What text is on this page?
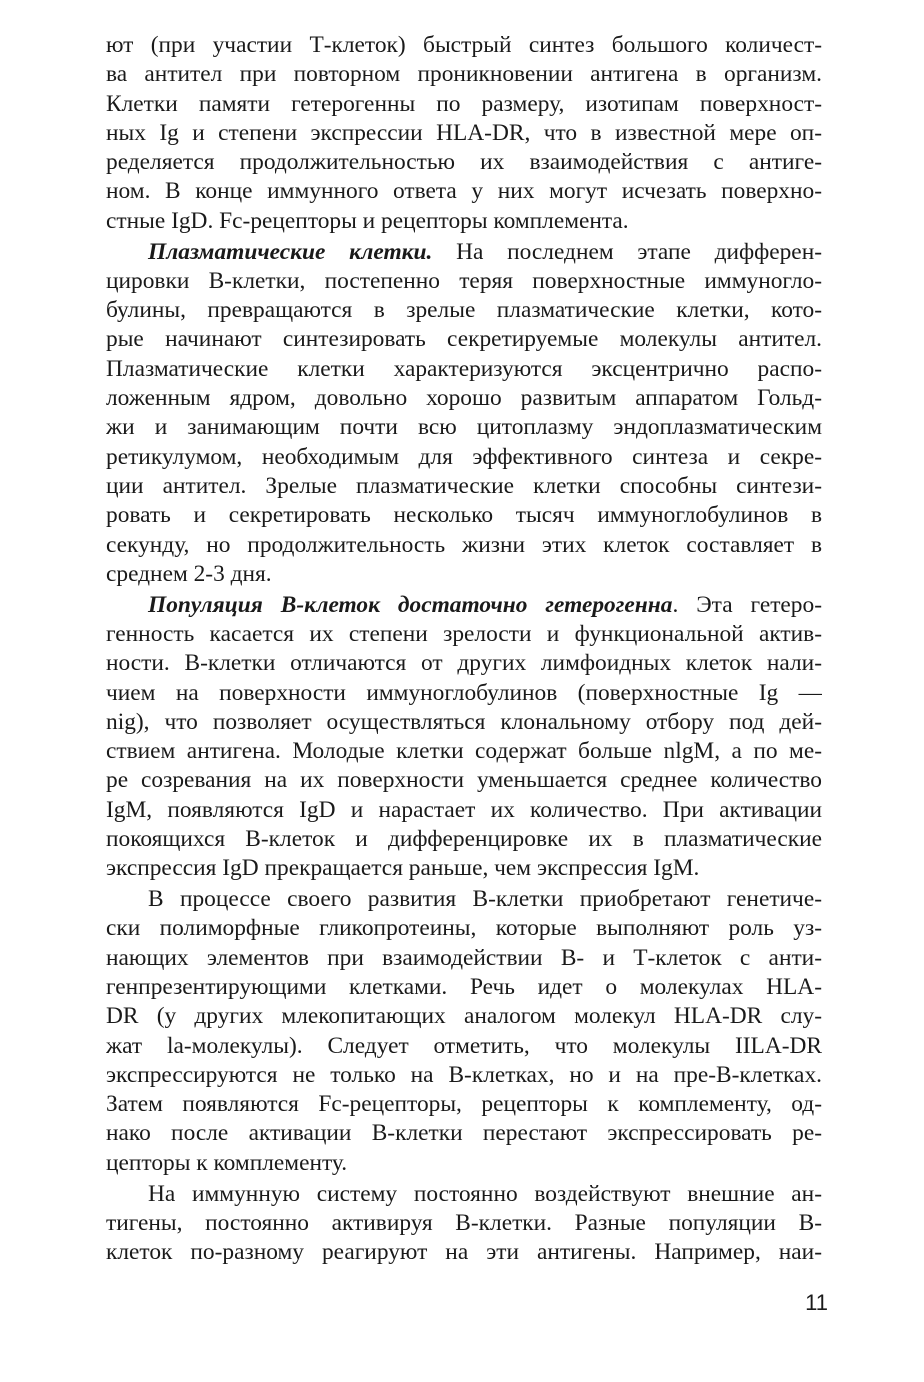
ют (при участии Т-клеток) быстрый синтез большого количест-
ва антител при повторном проникновении антигена в организм.
Клетки памяти гетерогенны по размеру, изотипам поверхност-
ных Ig и степени экспрессии HLA-DR, что в известной мере оп-
ределяется продолжительностью их взаимодействия с антиге-
ном. В конце иммунного ответа у них могут исчезать поверхно-
стные IgD. Fc-рецепторы и рецепторы комплемента.
Плазматические клетки. На последнем этапе дифферен-
цировки В-клетки, постепенно теряя поверхностные иммуногло-
булины, превращаются в зрелые плазматические клетки, кото-
рые начинают синтезировать секретируемые молекулы антител.
Плазматические клетки характеризуются эксцентрично распо-
ложенным ядром, довольно хорошо развитым аппаратом Гольд-
жи и занимающим почти всю цитоплазму эндоплазматическим
ретикулумом, необходимым для эффективного синтеза и секре-
ции антител. Зрелые плазматические клетки способны синтези-
ровать и секретировать несколько тысяч иммуноглобулинов в
секунду, но продолжительность жизни этих клеток составляет в
среднем 2-3 дня.
Популяция В-клеток достаточно гетерогенна. Эта гетеро-
генность касается их степени зрелости и функциональной актив-
ности. В-клетки отличаются от других лимфоидных клеток нали-
чием на поверхности иммуноглобулинов (поверхностные Ig —
nig), что позволяет осуществляться клональному отбору под дей-
ствием антигена. Молодые клетки содержат больше nlgM, а по ме-
ре созревания на их поверхности уменьшается среднее количество
IgM, появляются IgD и нарастает их количество. При активации
покоящихся В-клеток и дифференцировке их в плазматические
экспрессия IgD прекращается раньше, чем экспрессия IgM.
В процессе своего развития В-клетки приобретают генетиче-
ски полиморфные гликопротеины, которые выполняют роль уз-
нающих элементов при взаимодействии В- и Т-клеток с анти-
генпрезентирующими клетками. Речь идет о молекулах HLA-
DR (у других млекопитающих аналогом молекул HLA-DR слу-
жат la-молекулы). Следует отметить, что молекулы IILA-DR
экспрессируются не только на В-клетках, но и на пре-В-клетках.
Затем появляются Fc-рецепторы, рецепторы к комплементу, од-
нако после активации В-клетки перестают экспрессировать ре-
цепторы к комплементу.
На иммунную систему постоянно воздействуют внешние ан-
тигены, постоянно активируя В-клетки. Разные популяции В-
клеток по-разному реагируют на эти антигены. Например, наи-
11
